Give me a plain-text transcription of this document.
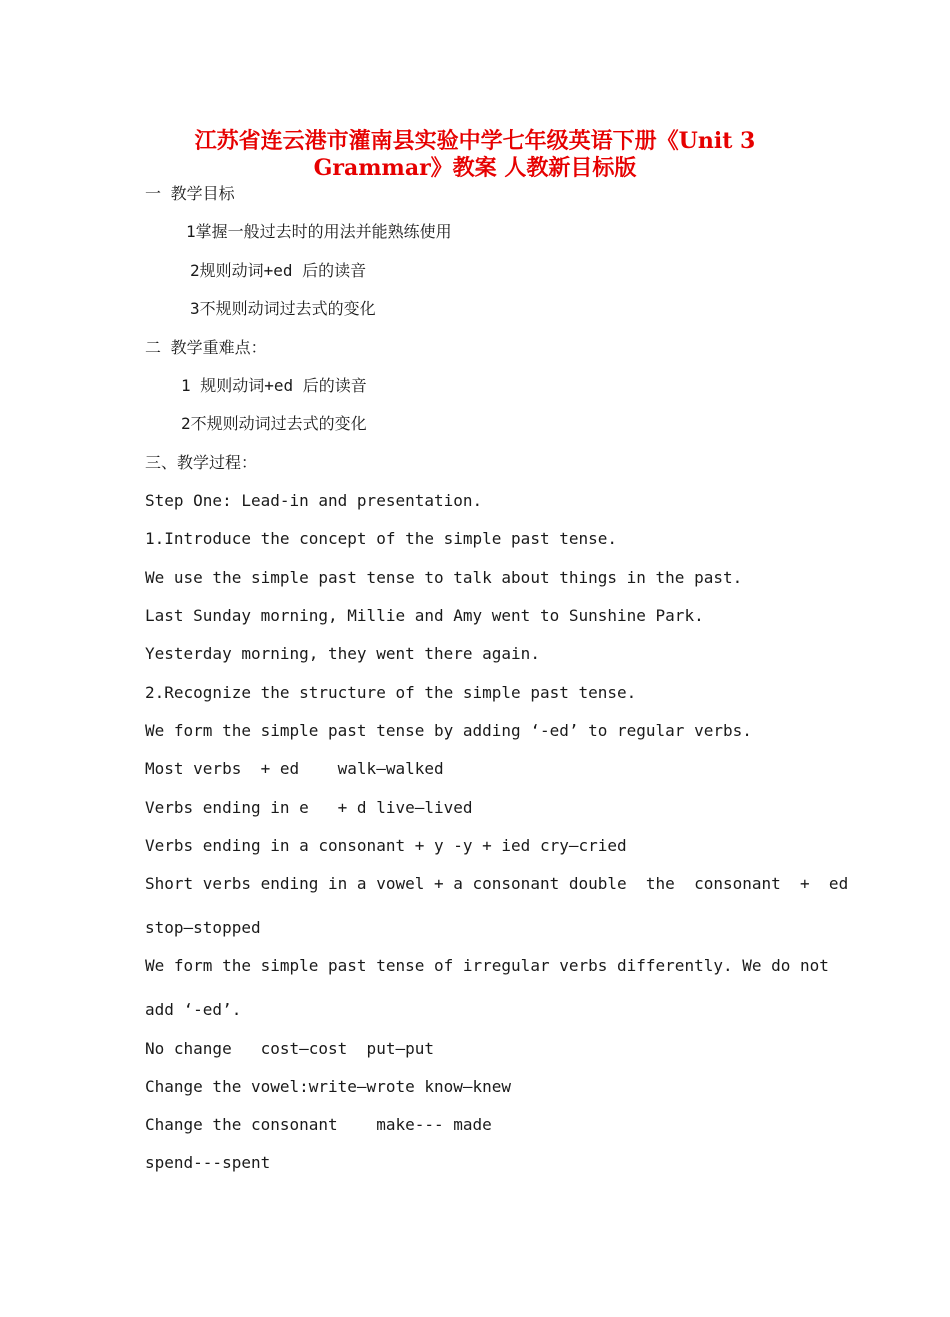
江苏省连云港市灌南县实验中学七年级英语下册《Unit 3
Grammar》教案 人教新目标版
一 教学目标
1掌握一般过去时的用法并能熟练使用
2规则动词+ed 后的读音
3不规则动词过去式的变化
二 教学重难点：
1 规则动词+ed 后的读音
2不规则动词过去式的变化
三、教学过程：
Step One: Lead-in and presentation.
1.Introduce the concept of the simple past tense.
We use the simple past tense to talk about things in the past.
Last Sunday morning, Millie and Amy went to Sunshine Park.
Yesterday morning, they went there again.
2.Recognize the structure of the simple past tense.
We form the simple past tense by adding ‘-ed’ to regular verbs.
Most verbs  + ed    walk—walked
Verbs ending in e   + d live—lived
Verbs ending in a consonant + y -y + ied cry—cried
Short verbs ending in a vowel + a consonant double  the  consonant  +  ed
stop—stopped
We form the simple past tense of irregular verbs differently. We do not
add ‘-ed’.
No change   cost—cost  put—put
Change the vowel:write—wrote know—knew
Change the consonant    make--- made
spend---spent
